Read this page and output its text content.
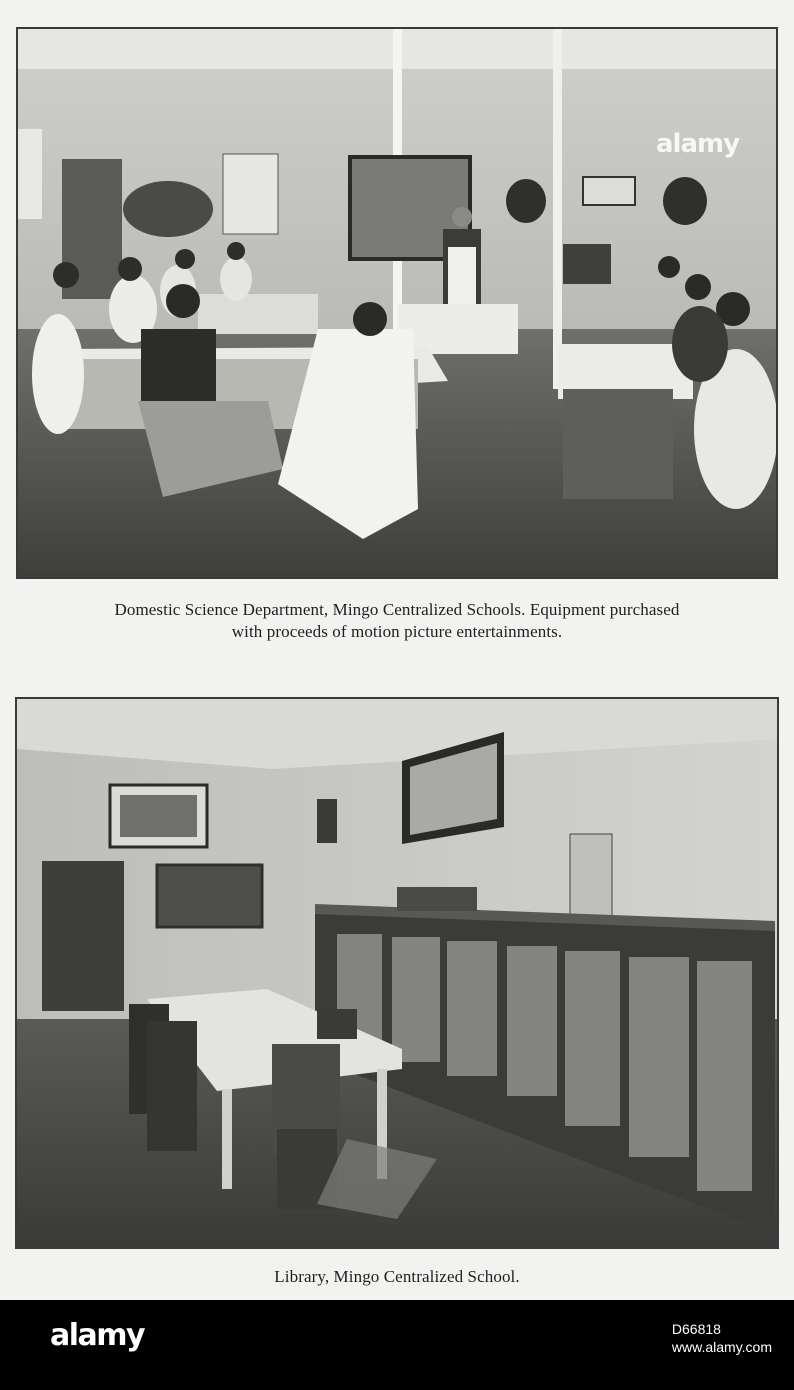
alamy
Domestic Science Department, Mingo Centralized Schools. Equipment purchased
with proceeds of motion picture entertainments.
Library, Mingo Centralized School.
alamy	D66818
www.alamy.com
